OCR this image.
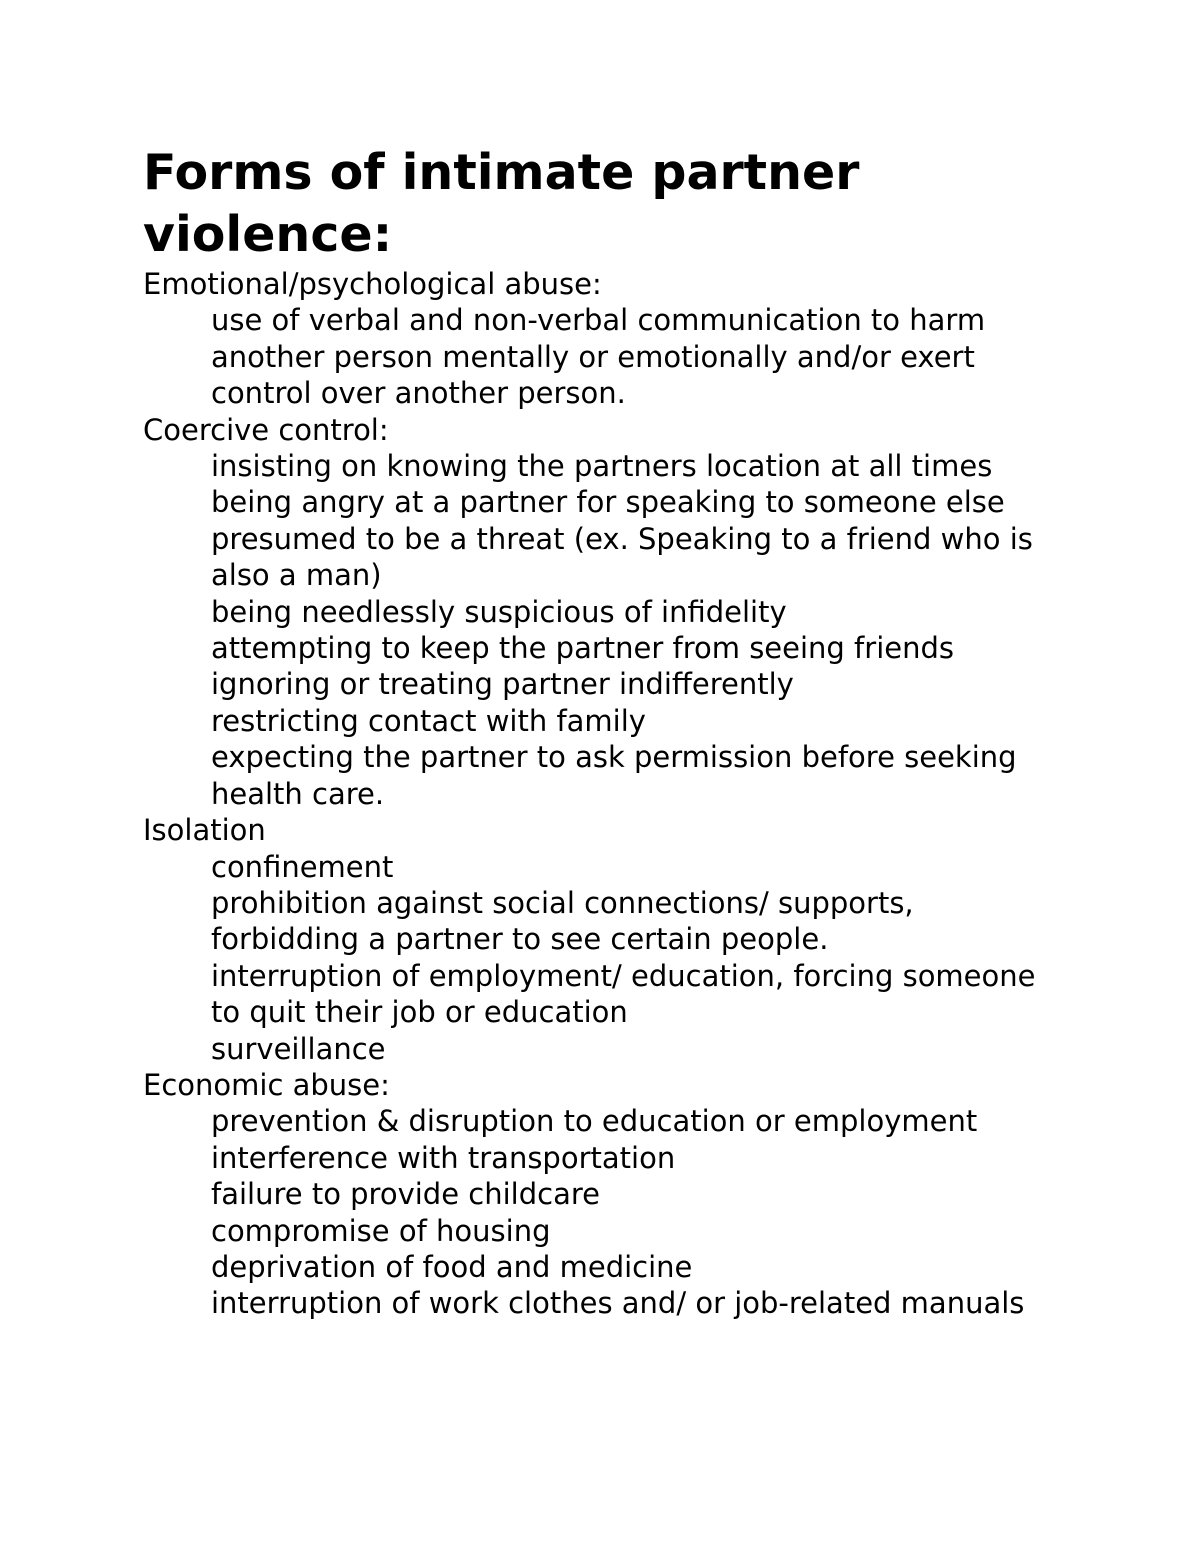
Forms of intimate partner violence:

Emotional/psychological abuse:

use of verbal and non-verbal communication to harm another person mentally or emotionally and/or exert control over another person.

Coercive control:

insisting on knowing the partners location at all times
being angry at a partner for speaking to someone else presumed to be a threat (ex. Speaking to a friend who is also a man)
being needlessly suspicious of infidelity
attempting to keep the partner from seeing friends
ignoring or treating partner indifferently
restricting contact with family
expecting the partner to ask permission before seeking health care.

Isolation

confinement
prohibition against social connections/ supports, forbidding a partner to see certain people.
interruption of employment/ education, forcing someone to quit their job or education
surveillance

Economic abuse:

prevention & disruption to education or employment
interference with transportation
failure to provide childcare
compromise of housing
deprivation of food and medicine
interruption of work clothes and/ or job-related manuals
